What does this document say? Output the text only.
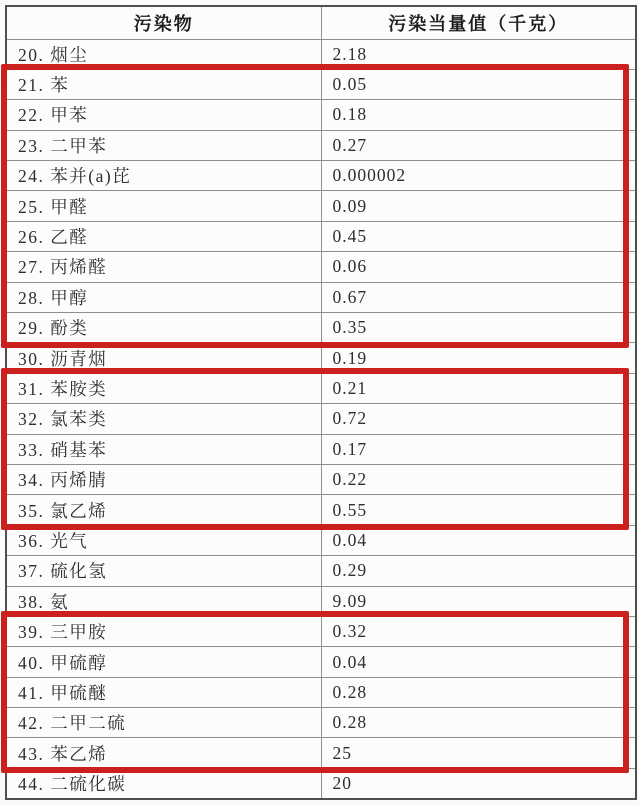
污染物	污染当量值（千克）
20. 烟尘	2.18
21. 苯	0.05
22. 甲苯	0.18
23. 二甲苯	0.27
24. 苯并(a)芘	0.000002
25. 甲醛	0.09
26. 乙醛	0.45
27. 丙烯醛	0.06
28. 甲醇	0.67
29. 酚类	0.35
30. 沥青烟	0.19
31. 苯胺类	0.21
32. 氯苯类	0.72
33. 硝基苯	0.17
34. 丙烯腈	0.22
35. 氯乙烯	0.55
36. 光气	0.04
37. 硫化氢	0.29
38. 氨	9.09
39. 三甲胺	0.32
40. 甲硫醇	0.04
41. 甲硫醚	0.28
42. 二甲二硫	0.28
43. 苯乙烯	25
44. 二硫化碳	20
